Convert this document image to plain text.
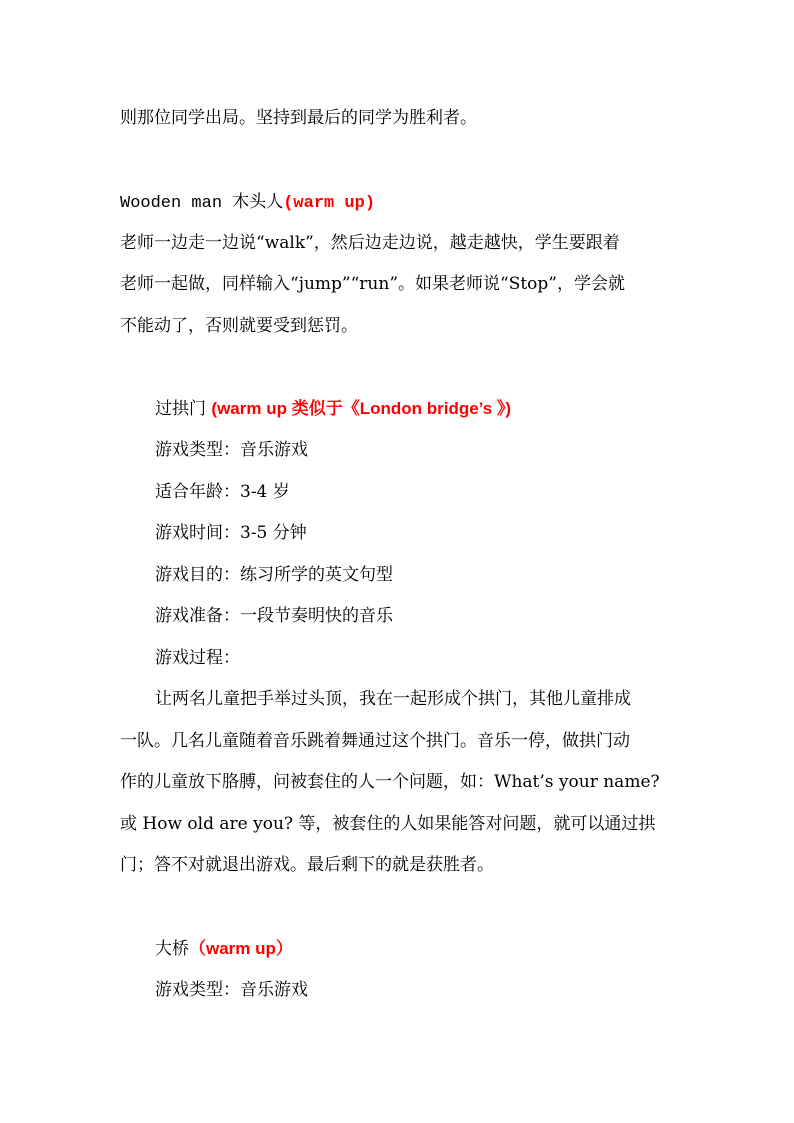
则那位同学出局。坚持到最后的同学为胜利者。
Wooden man 木头人(warm up)
老师一边走一边说“walk”，然后边走边说，越走越快，学生要跟着
老师一起做，同样输入“jump”“run”。如果老师说“Stop”，学会就
不能动了，否则就要受到惩罚。
过拱门 (warm up 类似于《London bridge’s 》)
游戏类型：音乐游戏
适合年龄：3-4 岁
游戏时间：3-5 分钟
游戏目的：练习所学的英文句型
游戏准备：一段节奏明快的音乐
游戏过程：
让两名儿童把手举过头顶，我在一起形成个拱门，其他儿童排成
一队。几名儿童随着音乐跳着舞通过这个拱门。音乐一停，做拱门动
作的儿童放下胳膊，问被套住的人一个问题，如：What’s your name?
或 How old are you? 等，被套住的人如果能答对问题，就可以通过拱
门；答不对就退出游戏。最后剩下的就是获胜者。
大桥（warm up）
游戏类型：音乐游戏
